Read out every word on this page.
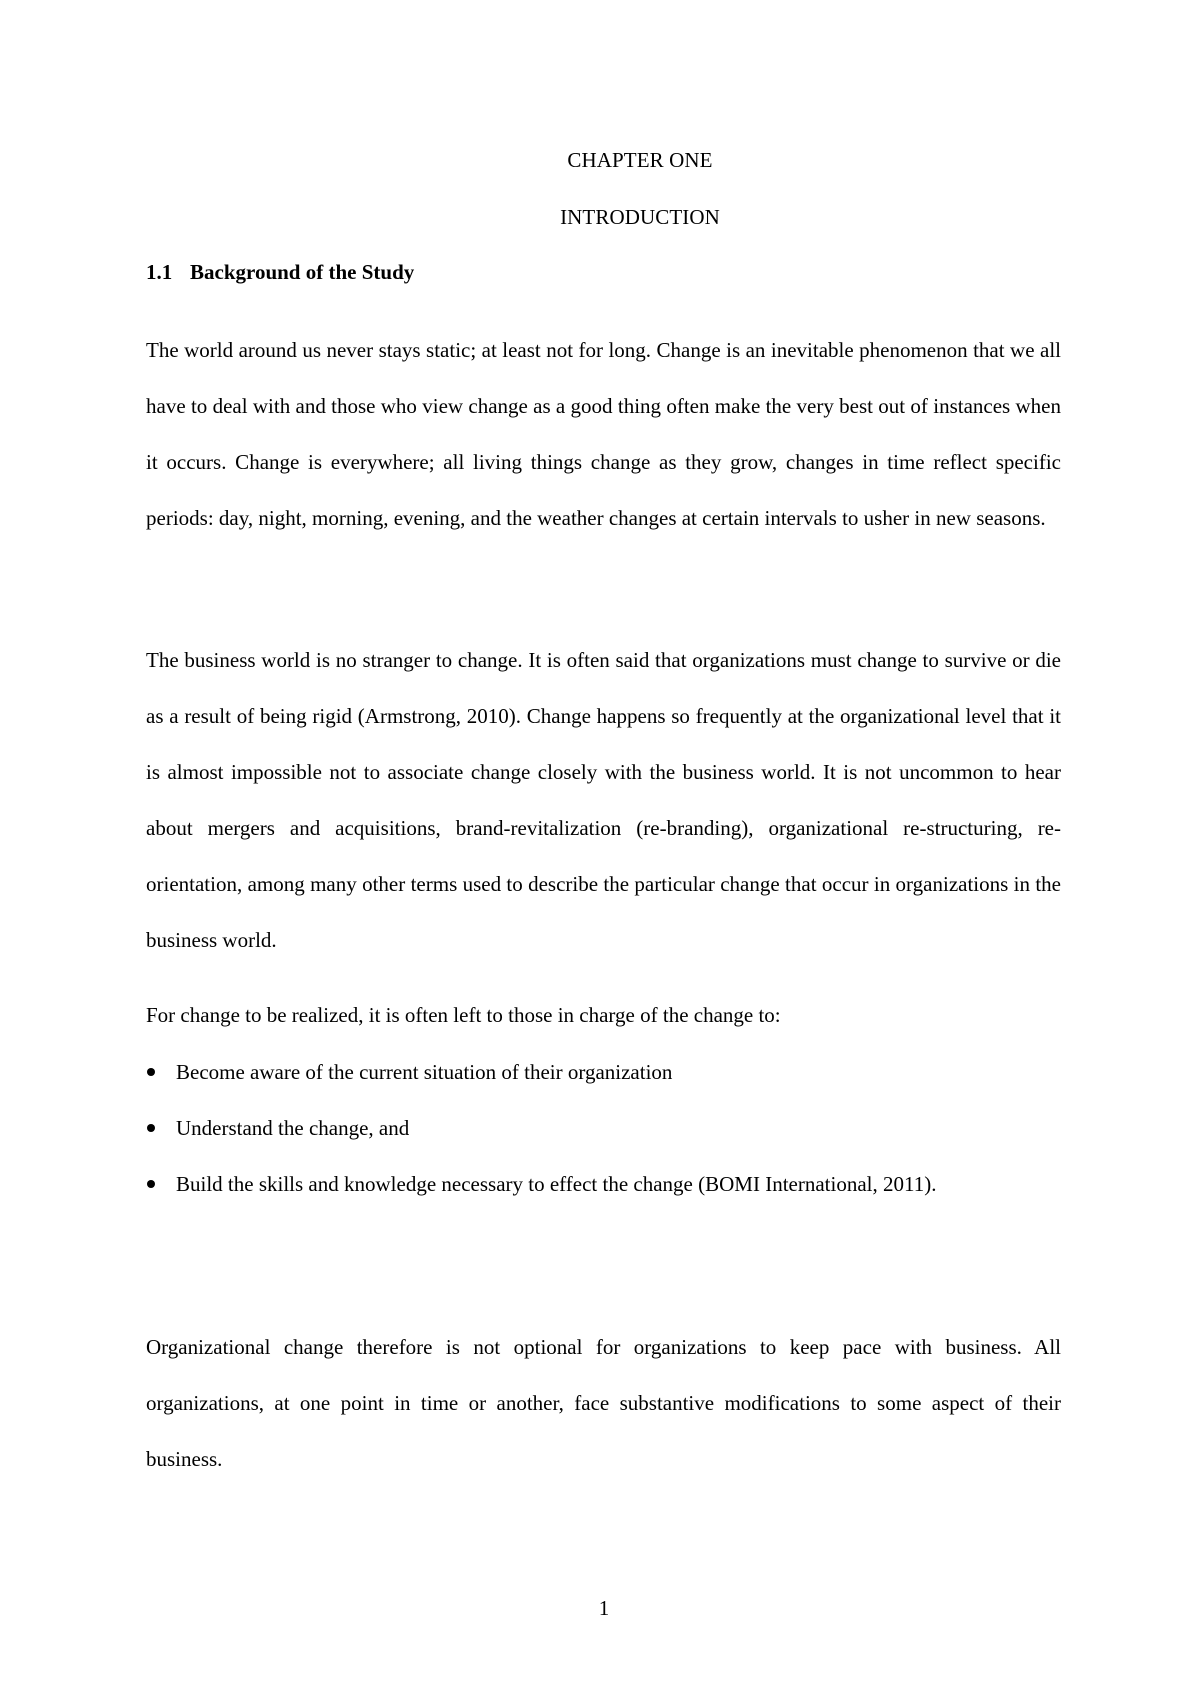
CHAPTER ONE
INTRODUCTION
1.1 Background of the Study

The world around us never stays static; at least not for long. Change is an inevitable phenomenon that we all have to deal with and those who view change as a good thing often make the very best out of instances when it occurs. Change is everywhere; all living things change as they grow, changes in time reflect specific periods: day, night, morning, evening, and the weather changes at certain intervals to usher in new seasons.

The business world is no stranger to change. It is often said that organizations must change to survive or die as a result of being rigid (Armstrong, 2010). Change happens so frequently at the organizational level that it is almost impossible not to associate change closely with the business world. It is not uncommon to hear about mergers and acquisitions, brand-revitalization (re-branding), organizational re-structuring, re-orientation, among many other terms used to describe the particular change that occur in organizations in the business world.

For change to be realized, it is often left to those in charge of the change to:

Become aware of the current situation of their organization
Understand the change, and
Build the skills and knowledge necessary to effect the change (BOMI International, 2011).

Organizational change therefore is not optional for organizations to keep pace with business. All organizations, at one point in time or another, face substantive modifications to some aspect of their business.

1
